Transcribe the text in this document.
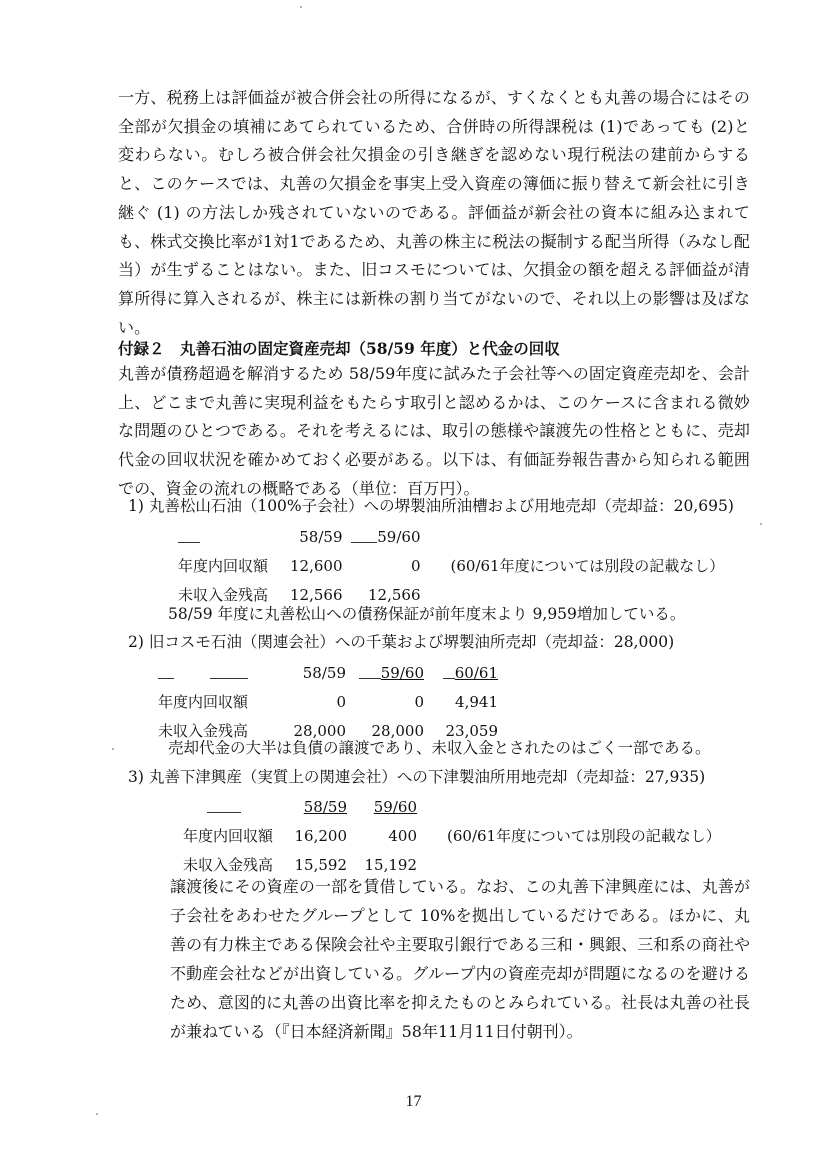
一方、税務上は評価益が被合併会社の所得になるが、すくなくとも丸善の場合にはその全部が欠損金の填補にあてられているため、合併時の所得課税は (1)であっても (2)と変わらない。むしろ被合併会社欠損金の引き継ぎを認めない現行税法の建前からすると、このケースでは、丸善の欠損金を事実上受入資産の簿価に振り替えて新会社に引き継ぐ (1) の方法しか残されていないのである。評価益が新会社の資本に組み込まれても、株式交換比率が1対1であるため、丸善の株主に税法の擬制する配当所得（みなし配当）が生ずることはない。また、旧コスモについては、欠損金の額を超える評価益が清算所得に算入されるが、株主には新株の割り当てがないので、それ以上の影響は及ばない。

付録２　丸善石油の固定資産売却（58/59 年度）と代金の回収

丸善が債務超過を解消するため 58/59年度に試みた子会社等への固定資産売却を、会計上、どこまで丸善に実現利益をもたらす取引と認めるかは、このケースに含まれる微妙な問題のひとつである。それを考えるには、取引の態様や譲渡先の性格とともに、売却代金の回収状況を確かめておく必要がある。以下は、有価証券報告書から知られる範囲での、資金の流れの概略である（単位：百万円）。

1) 丸善松山石油（100%子会社）への堺製油所油槽および用地売却（売却益：20,695)

	58/59	59/60	
年度内回収額	12,600	0	(60/61年度については別段の記載なし）
未収入金残高	12,566	12,566	

58/59 年度に丸善松山への債務保証が前年度末より 9,959増加している。

2) 旧コスモ石油（関連会社）への千葉および堺製油所売却（売却益：28,000)

	58/59	59/60	60/61
年度内回収額	0	0	4,941
未収入金残高	28,000	28,000	23,059

売却代金の大半は負債の譲渡であり、未収入金とされたのはごく一部である。

3) 丸善下津興産（実質上の関連会社）への下津製油所用地売却（売却益：27,935)

	58/59	59/60	
年度内回収額	16,200	400	(60/61年度については別段の記載なし）
未収入金残高	15,592	15,192	

譲渡後にその資産の一部を賃借している。なお、この丸善下津興産には、丸善が子会社をあわせたグループとして 10%を拠出しているだけである。ほかに、丸善の有力株主である保険会社や主要取引銀行である三和・興銀、三和系の商社や不動産会社などが出資している。グループ内の資産売却が問題になるのを避けるため、意図的に丸善の出資比率を抑えたものとみられている。社長は丸善の社長が兼ねている（『日本経済新聞』58年11月11日付朝刊）。

17
